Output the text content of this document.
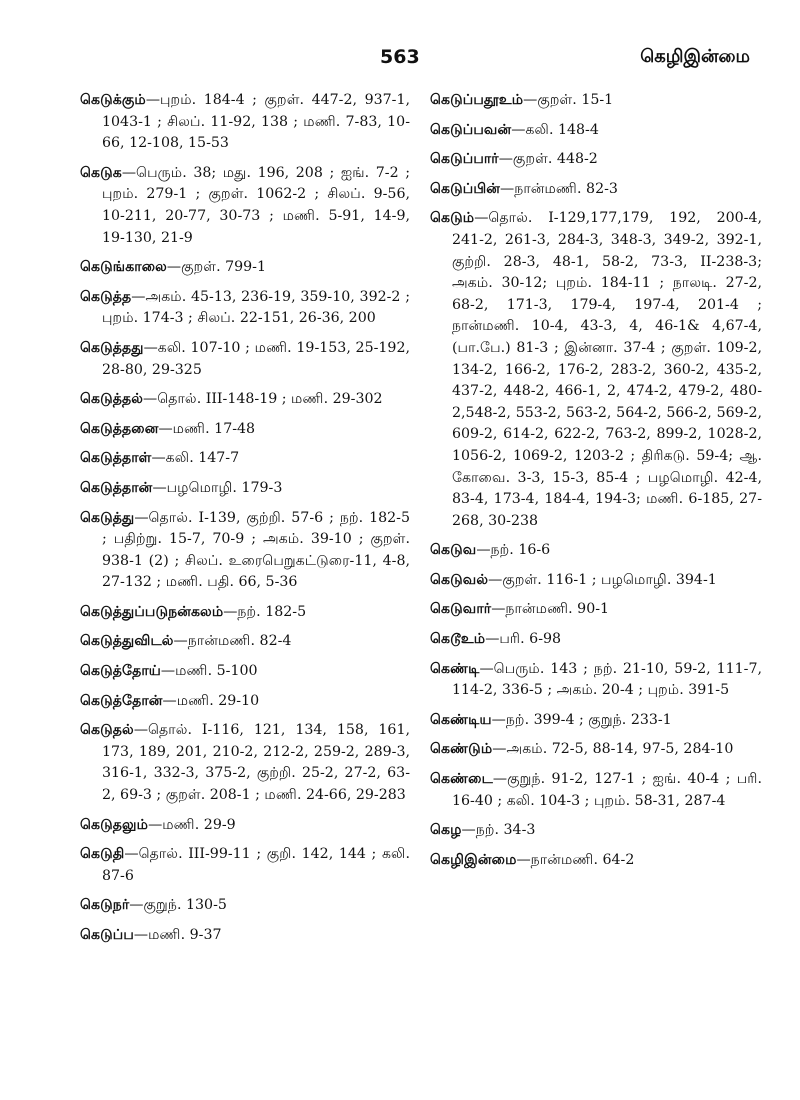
563	கெழிஇன்மை
கெடுக்கும்—புறம். 184-4 ; குறள். 447-2, 937-1, 1043-1 ; சிலப். 11-92, 138 ; மணி. 7-83, 10-66, 12-108, 15-53
கெடுக—பெரும். 38; மது. 196, 208 ; ஐங். 7-2 ; புறம். 279-1 ; குறள். 1062-2 ; சிலப். 9-56, 10-211, 20-77, 30-73 ; மணி. 5-91, 14-9, 19-130, 21-9
கெடுங்காலை—குறள். 799-1
கெடுத்த—அகம். 45-13, 236-19, 359-10, 392-2 ; புறம். 174-3 ; சிலப். 22-151, 26-36, 200
கெடுத்தது—கலி. 107-10 ; மணி. 19-153, 25-192, 28-80, 29-325
கெடுத்தல்—தொல். III-148-19 ; மணி. 29-302
கெடுத்தனை—மணி. 17-48
கெடுத்தாள்—கலி. 147-7
கெடுத்தான்—பழமொழி. 179-3
கெடுத்து—தொல். I-139, குற்றி. 57-6 ; நற். 182-5 ; பதிற்று. 15-7, 70-9 ; அகம். 39-10 ; குறள். 938-1 (2) ; சிலப். உரைபெறுகட்டுரை-11, 4-8, 27-132 ; மணி. பதி. 66, 5-36
கெடுத்துப்படுநன்கலம்—நற். 182-5
கெடுத்துவிடல்—நான்மணி. 82-4
கெடுத்தோய்—மணி. 5-100
கெடுத்தோன்—மணி. 29-10
கெடுதல்—தொல். I-116, 121, 134, 158, 161, 173, 189, 201, 210-2, 212-2, 259-2, 289-3, 316-1, 332-3, 375-2, குற்றி. 25-2, 27-2, 63-2, 69-3 ; குறள். 208-1 ; மணி. 24-66, 29-283
கெடுதலும்—மணி. 29-9
கெடுதி—தொல். III-99-11 ; குறி. 142, 144 ; கலி. 87-6
கெடுநர்—குறுந். 130-5
கெடுப்ப—மணி. 9-37
கெடுப்பதூஉம்—குறள். 15-1
கெடுப்பவன்—கலி. 148-4
கெடுப்பார்—குறள். 448-2
கெடுப்பின்—நான்மணி. 82-3
கெடும்—தொல். I-129,177,179, 192, 200-4, 241-2, 261-3, 284-3, 348-3, 349-2, 392-1, குற்றி. 28-3, 48-1, 58-2, 73-3, II-238-3; அகம். 30-12; புறம். 184-11 ; நாலடி. 27-2, 68-2, 171-3, 179-4, 197-4, 201-4 ; நான்மணி. 10-4, 43-3, 4, 46-1& 4,67-4,(பா.பே.) 81-3 ; இன்னா. 37-4 ; குறள். 109-2, 134-2, 166-2, 176-2, 283-2, 360-2, 435-2, 437-2, 448-2, 466-1, 2, 474-2, 479-2, 480-2,548-2, 553-2, 563-2, 564-2, 566-2, 569-2, 609-2, 614-2, 622-2, 763-2, 899-2, 1028-2, 1056-2, 1069-2, 1203-2 ; திரிகடு. 59-4; ஆ. கோவை. 3-3, 15-3, 85-4 ; பழமொழி. 42-4, 83-4, 173-4, 184-4, 194-3; மணி. 6-185, 27-268, 30-238
கெடுவ—நற். 16-6
கெடுவல்—குறள். 116-1 ; பழமொழி. 394-1
கெடுவார்—நான்மணி. 90-1
கெடூஉம்—பரி. 6-98
கெண்டி—பெரும். 143 ; நற். 21-10, 59-2, 111-7, 114-2, 336-5 ; அகம். 20-4 ; புறம். 391-5
கெண்டிய—நற். 399-4 ; குறுந். 233-1
கெண்டும்—அகம். 72-5, 88-14, 97-5, 284-10
கெண்டை—குறுந். 91-2, 127-1 ; ஐங். 40-4 ; பரி. 16-40 ; கலி. 104-3 ; புறம். 58-31, 287-4
கெழ—நற். 34-3
கெழிஇன்மை—நான்மணி. 64-2
